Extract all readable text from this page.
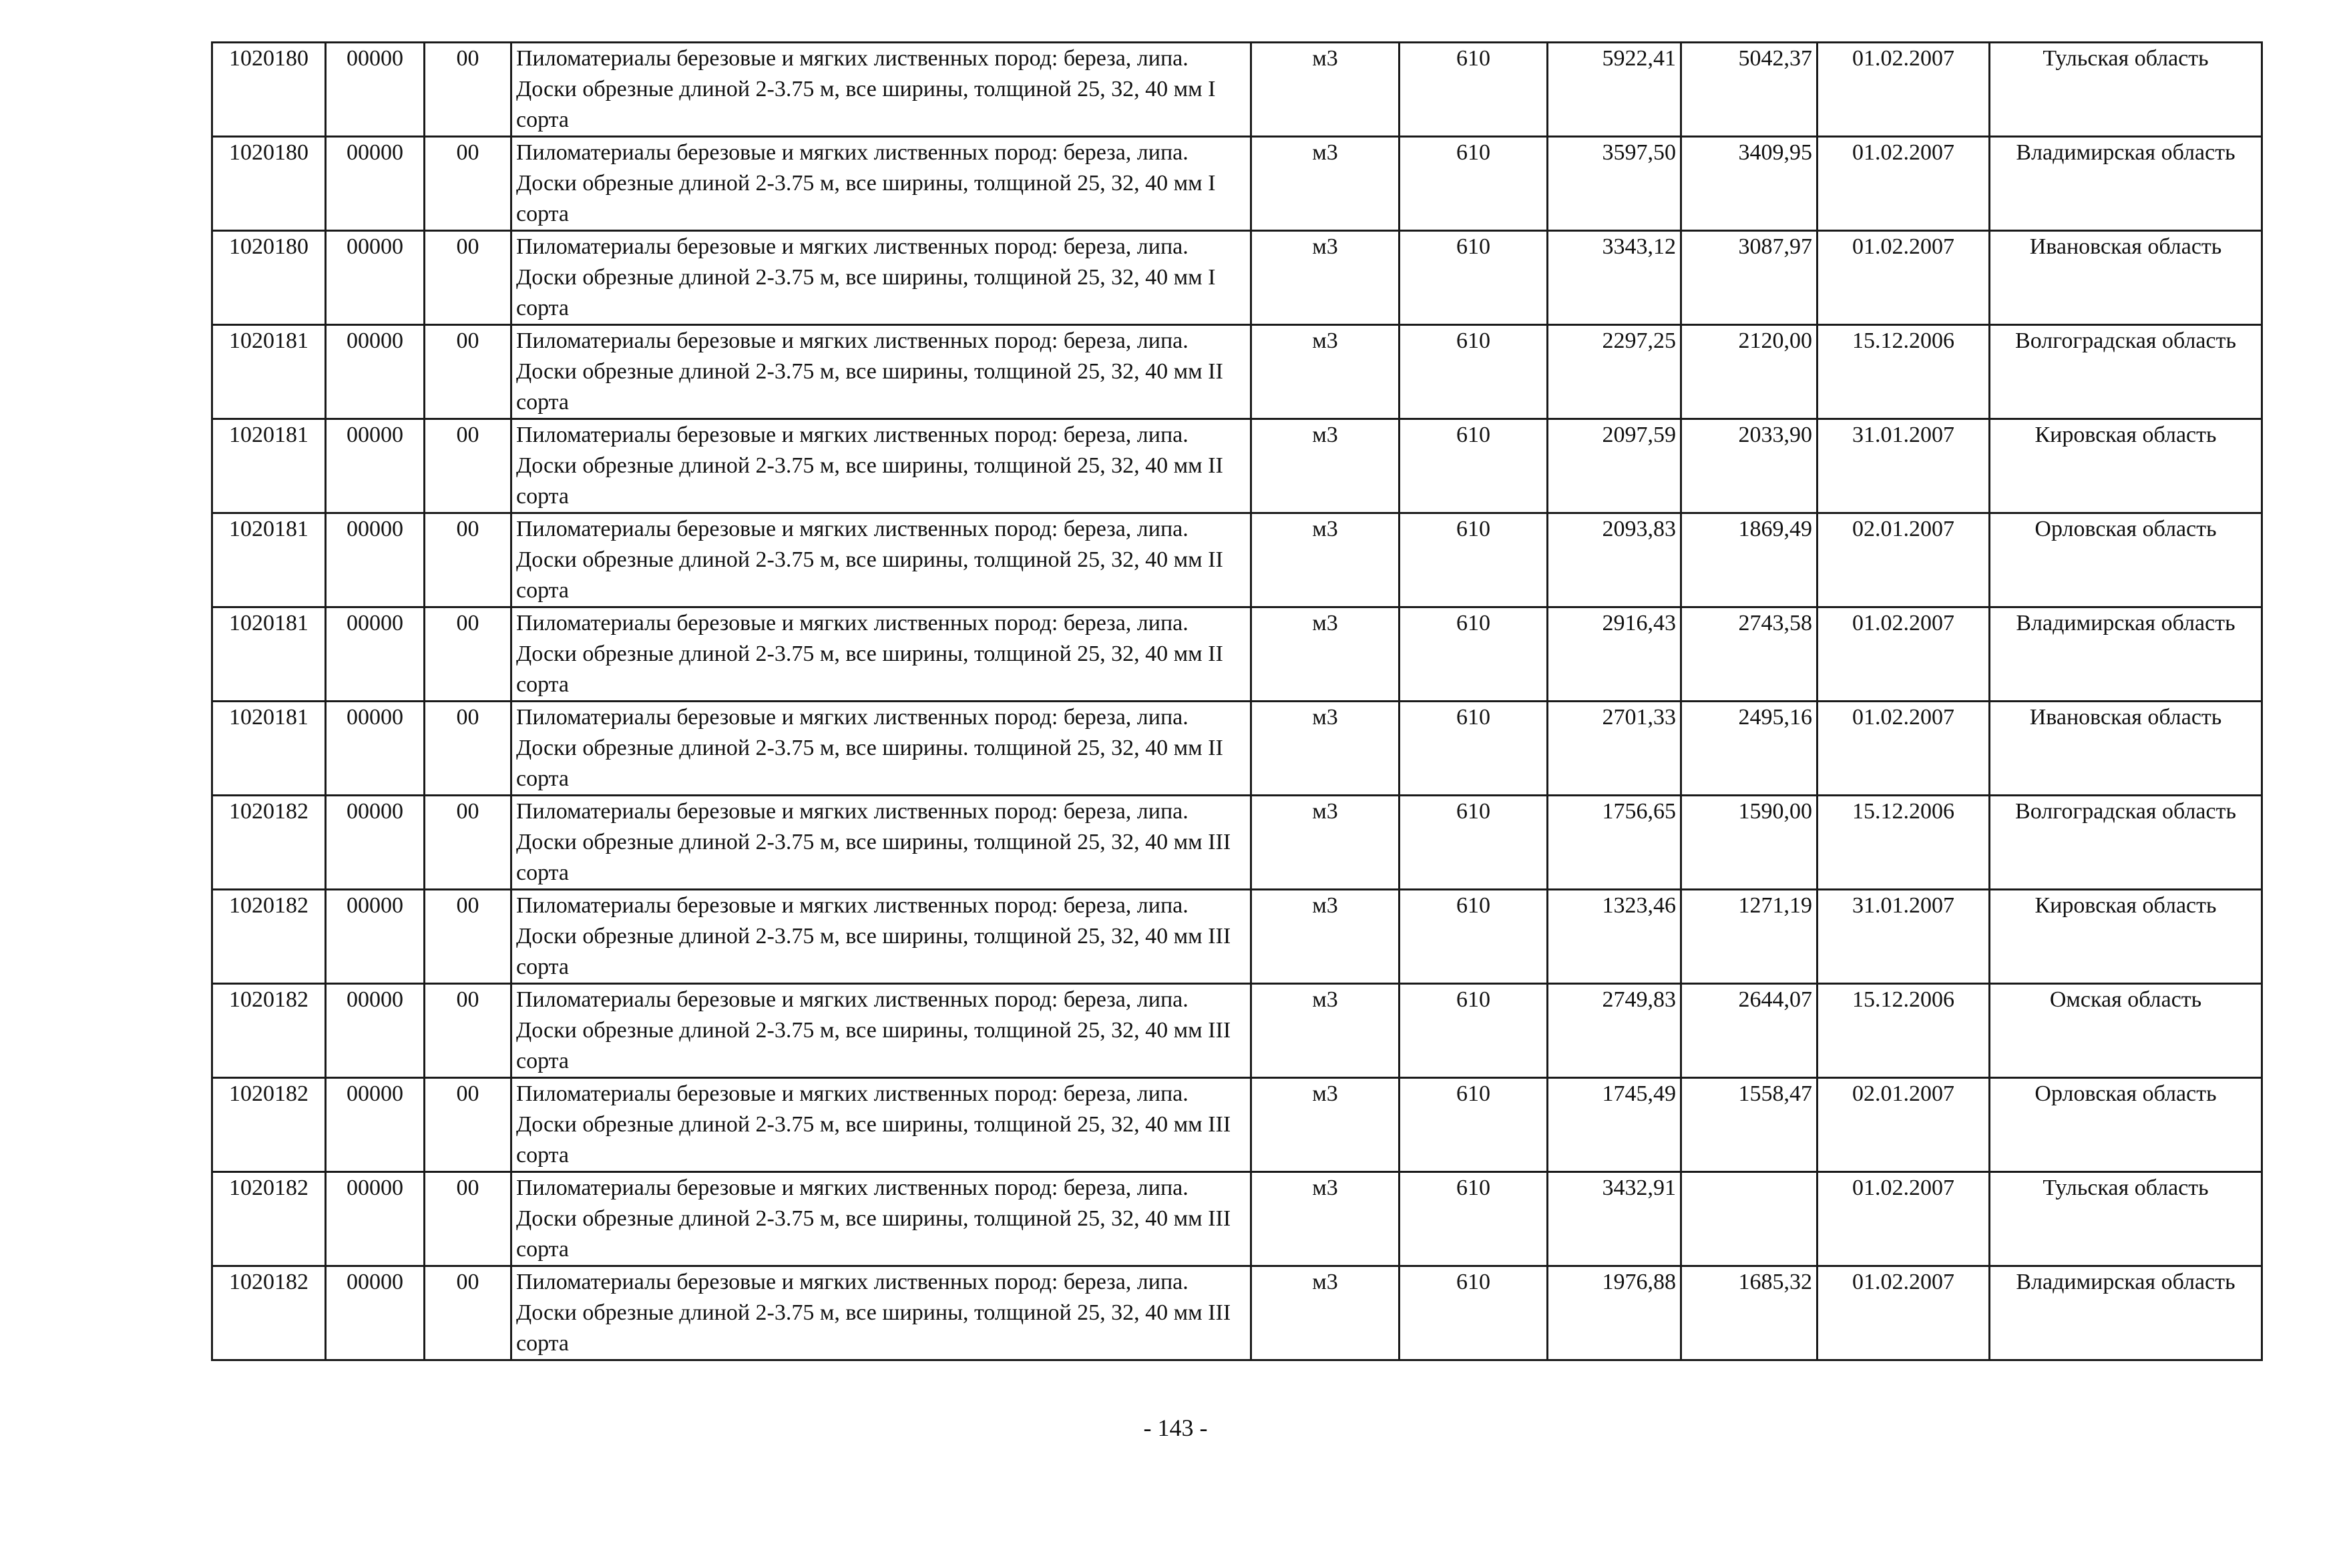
1020180	00000	00	Пиломатериалы березовые и мягких лиственных пород: береза, липа. Доски обрезные длиной 2-3.75 м, все ширины, толщиной 25, 32, 40 мм I сорта	м3	610	5922,41	5042,37	01.02.2007	Тульская область
1020180	00000	00	Пиломатериалы березовые и мягких лиственных пород: береза, липа. Доски обрезные длиной 2-3.75 м, все ширины, толщиной 25, 32, 40 мм I сорта	м3	610	3597,50	3409,95	01.02.2007	Владимирская область
1020180	00000	00	Пиломатериалы березовые и мягких лиственных пород: береза, липа. Доски обрезные длиной 2-3.75 м, все ширины, толщиной 25, 32, 40 мм I сорта	м3	610	3343,12	3087,97	01.02.2007	Ивановская область
1020181	00000	00	Пиломатериалы березовые и мягких лиственных пород: береза, липа. Доски обрезные длиной 2-3.75 м, все ширины, толщиной 25, 32, 40 мм II сорта	м3	610	2297,25	2120,00	15.12.2006	Волгоградская область
1020181	00000	00	Пиломатериалы березовые и мягких лиственных пород: береза, липа. Доски обрезные длиной 2-3.75 м, все ширины, толщиной 25, 32, 40 мм II сорта	м3	610	2097,59	2033,90	31.01.2007	Кировская область
1020181	00000	00	Пиломатериалы березовые и мягких лиственных пород: береза, липа. Доски обрезные длиной 2-3.75 м, все ширины, толщиной 25, 32, 40 мм II сорта	м3	610	2093,83	1869,49	02.01.2007	Орловская область
1020181	00000	00	Пиломатериалы березовые и мягких лиственных пород: береза, липа. Доски обрезные длиной 2-3.75 м, все ширины, толщиной 25, 32, 40 мм II сорта	м3	610	2916,43	2743,58	01.02.2007	Владимирская область
1020181	00000	00	Пиломатериалы березовые и мягких лиственных пород: береза, липа. Доски обрезные длиной 2-3.75 м, все ширины. толщиной 25, 32, 40 мм II сорта	м3	610	2701,33	2495,16	01.02.2007	Ивановская область
1020182	00000	00	Пиломатериалы березовые и мягких лиственных пород: береза, липа. Доски обрезные длиной 2-3.75 м, все ширины, толщиной 25, 32, 40 мм III сорта	м3	610	1756,65	1590,00	15.12.2006	Волгоградская область
1020182	00000	00	Пиломатериалы березовые и мягких лиственных пород: береза, липа. Доски обрезные длиной 2-3.75 м, все ширины, толщиной 25, 32, 40 мм III сорта	м3	610	1323,46	1271,19	31.01.2007	Кировская область
1020182	00000	00	Пиломатериалы березовые и мягких лиственных пород: береза, липа. Доски обрезные длиной 2-3.75 м, все ширины, толщиной 25, 32, 40 мм III сорта	м3	610	2749,83	2644,07	15.12.2006	Омская область
1020182	00000	00	Пиломатериалы березовые и мягких лиственных пород: береза, липа. Доски обрезные длиной 2-3.75 м, все ширины, толщиной 25, 32, 40 мм III сорта	м3	610	1745,49	1558,47	02.01.2007	Орловская область
1020182	00000	00	Пиломатериалы березовые и мягких лиственных пород: береза, липа. Доски обрезные длиной 2-3.75 м, все ширины, толщиной 25, 32, 40 мм III сорта	м3	610	3432,91		01.02.2007	Тульская область
1020182	00000	00	Пиломатериалы березовые и мягких лиственных пород: береза, липа. Доски обрезные длиной 2-3.75 м, все ширины, толщиной 25, 32, 40 мм III сорта	м3	610	1976,88	1685,32	01.02.2007	Владимирская область
- 143 -
